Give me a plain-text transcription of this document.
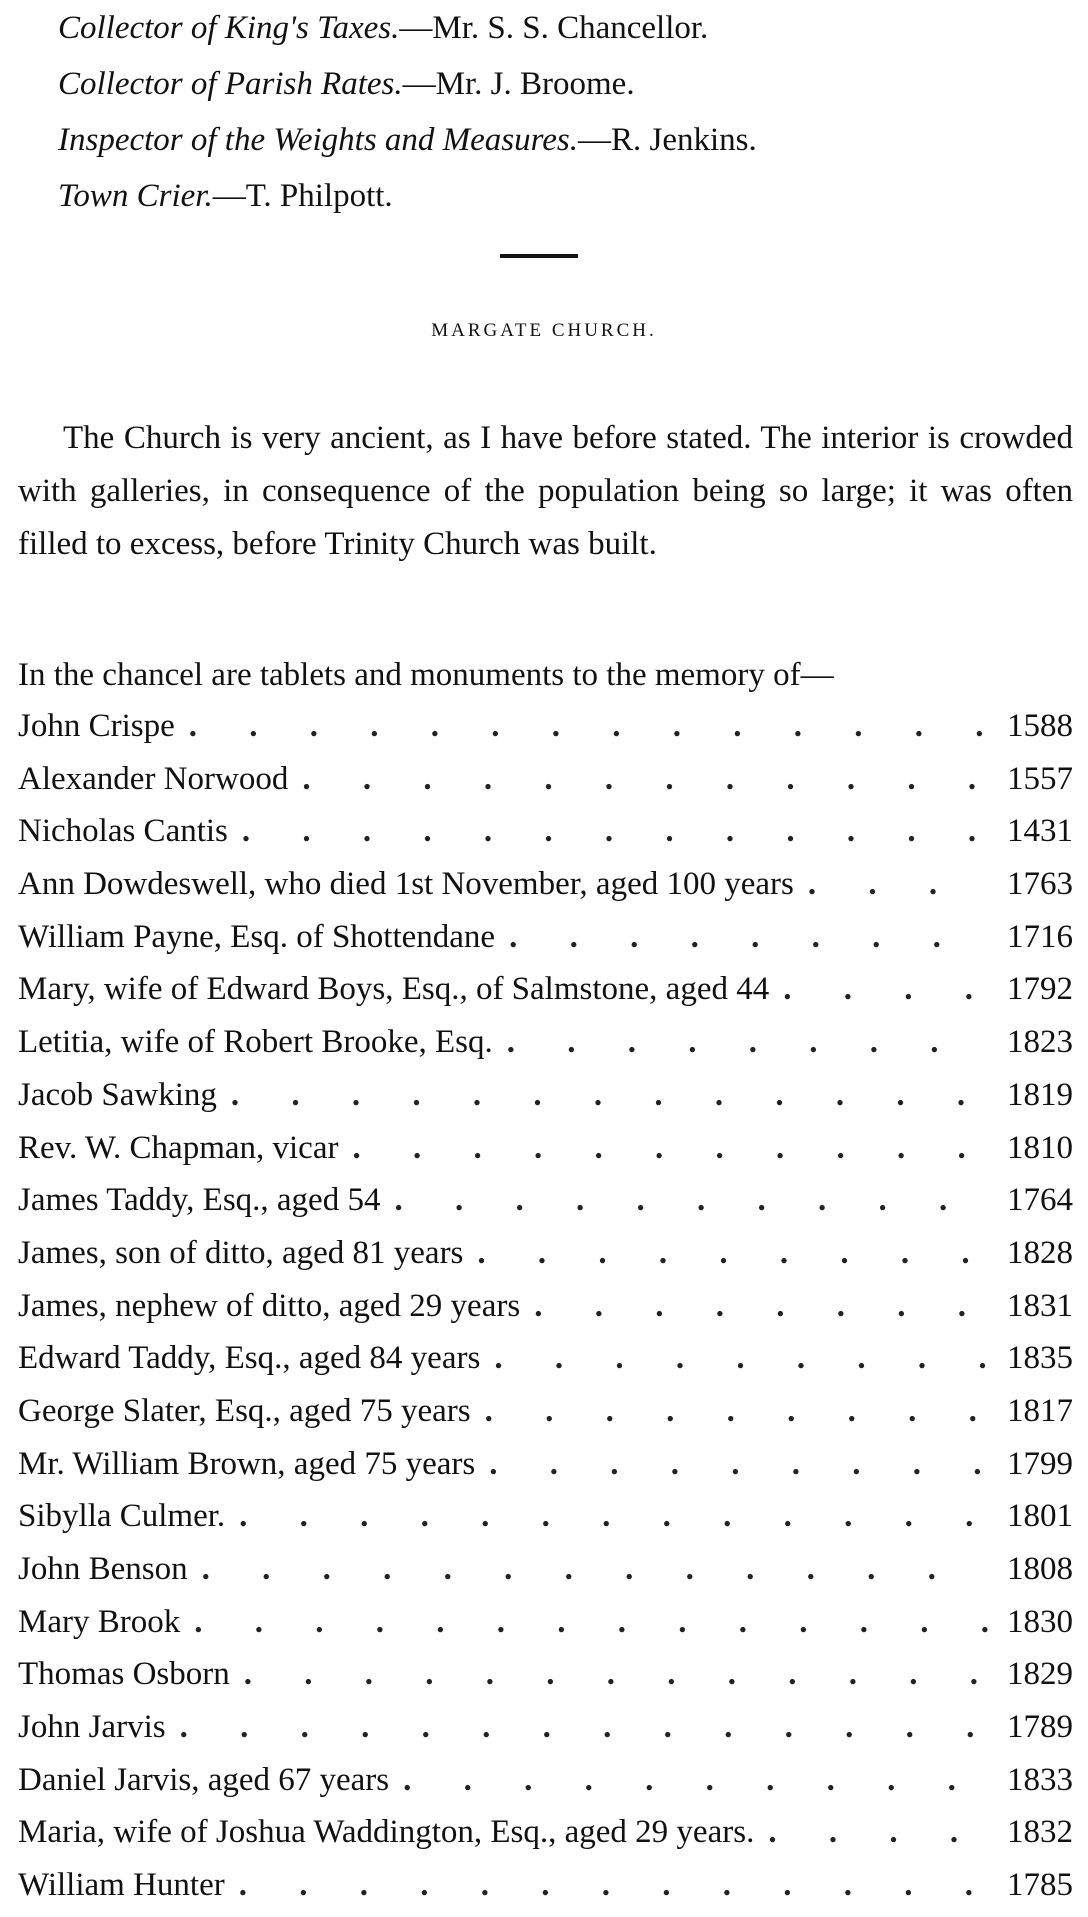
Collector of King's Taxes.—Mr. S. S. Chancellor.
Collector of Parish Rates.—Mr. J. Broome.
Inspector of the Weights and Measures.—R. Jenkins.
Town Crier.—T. Philpott.
MARGATE CHURCH.

The Church is very ancient, as I have before stated. The interior is crowded with galleries, in consequence of the population being so large; it was often filled to excess, before Trinity Church was built.

In the chancel are tablets and monuments to the memory of—

John Crispe . . .	1588
Alexander Norwood . . .	1557
Nicholas Cantis . . .	1431
Ann Dowdeswell, who died 1st November, aged 100 years . . .	1763
William Payne, Esq. of Shottendane . . .	1716
Mary, wife of Edward Boys, Esq., of Salmstone, aged 44 . . .	1792
Letitia, wife of Robert Brooke, Esq. . . .	1823
Jacob Sawking . . .	1819
Rev. W. Chapman, vicar . . .	1810
James Taddy, Esq., aged 54 . . .	1764
James, son of ditto, aged 81 years . . .	1828
James, nephew of ditto, aged 29 years . . .	1831
Edward Taddy, Esq., aged 84 years . . .	1835
George Slater, Esq., aged 75 years . . .	1817
Mr. William Brown, aged 75 years . . .	1799
Sibylla Culmer. . . .	1801
John Benson . . .	1808
Mary Brook . . .	1830
Thomas Osborn . . .	1829
John Jarvis . . .	1789
Daniel Jarvis, aged 67 years . . .	1833
Maria, wife of Joshua Waddington, Esq., aged 29 years. . . .	1832
William Hunter . . .	1785
